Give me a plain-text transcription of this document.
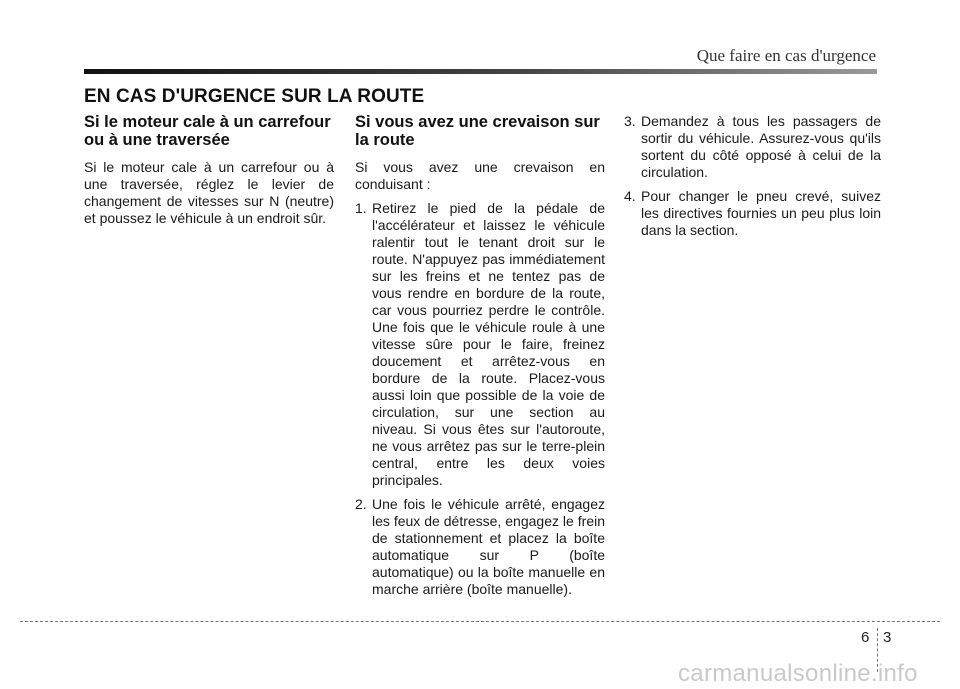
Que faire en cas d'urgence
EN CAS D'URGENCE SUR LA ROUTE
Si le moteur cale à un carrefour ou à une traversée

Si le moteur cale à un carrefour ou à une traversée, réglez le levier de changement de vitesses sur N (neutre) et poussez le véhicule à un endroit sûr.

Si vous avez une crevaison sur la route

Si vous avez une crevaison en conduisant :

1. Retirez le pied de la pédale de l'accélérateur et laissez le véhicule ralentir tout le tenant droit sur le route. N'appuyez pas immédiatement sur les freins et ne tentez pas de vous rendre en bordure de la route, car vous pourriez perdre le contrôle. Une fois que le véhicule roule à une vitesse sûre pour le faire, freinez doucement et arrêtez-vous en bordure de la route. Placez-vous aussi loin que possible de la voie de circulation, sur une section au niveau. Si vous êtes sur l'autoroute, ne vous arrêtez pas sur le terre-plein central, entre les deux voies principales.
2. Une fois le véhicule arrêté, engagez les feux de détresse, engagez le frein de stationnement et placez la boîte automatique sur P (boîte automatique) ou la boîte manuelle en marche arrière (boîte manuelle).
3. Demandez à tous les passagers de sortir du véhicule. Assurez-vous qu'ils sortent du côté opposé à celui de la circulation.
4. Pour changer le pneu crevé, suivez les directives fournies un peu plus loin dans la section.
6 3
carmanualsonline.info
